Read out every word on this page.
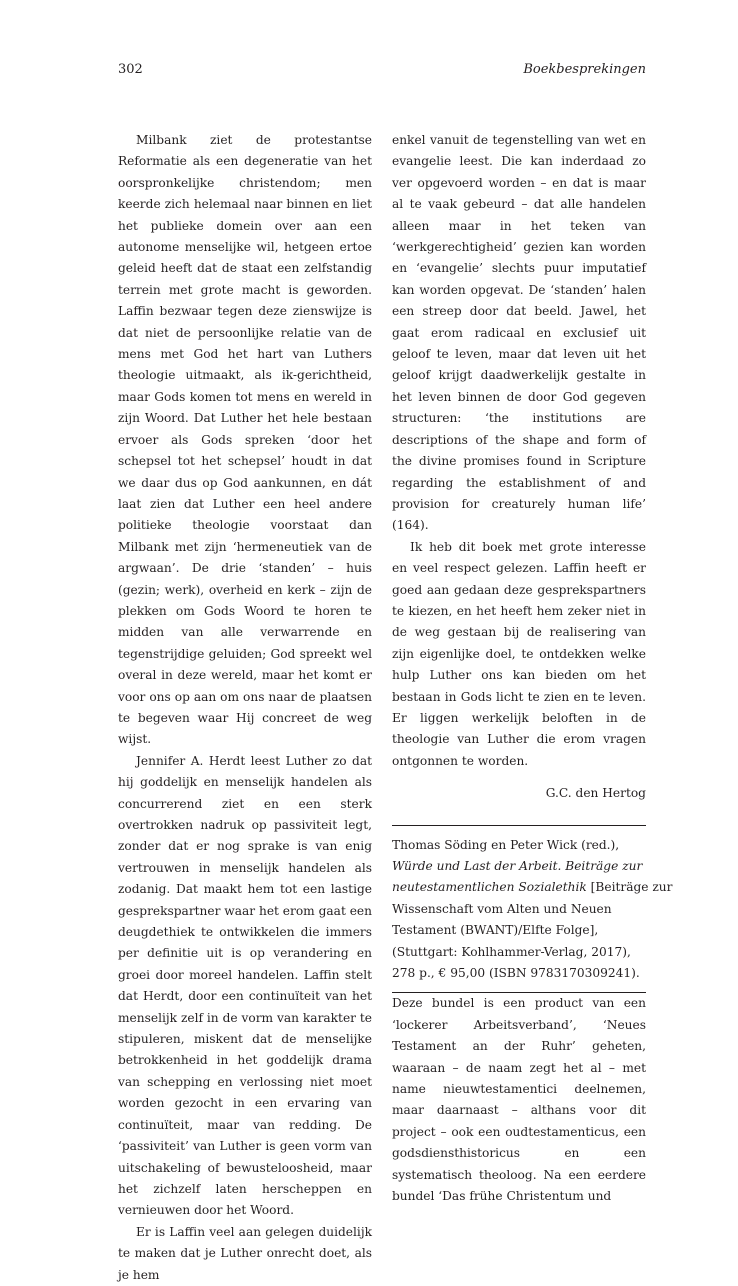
302	Boekbesprekingen

Milbank ziet de protestantse Reformatie als een degeneratie van het oorspronkelijke christendom; men keerde zich helemaal naar binnen en liet het publieke domein over aan een autonome menselijke wil, hetgeen ertoe geleid heeft dat de staat een zelfstandig terrein met grote macht is geworden. Laffin bezwaar tegen deze zienswijze is dat niet de persoonlijke relatie van de mens met God het hart van Luthers theologie uitmaakt, als ik-gerichtheid, maar Gods komen tot mens en wereld in zijn Woord. Dat Luther het hele bestaan ervoer als Gods spreken ‘door het schepsel tot het schepsel’ houdt in dat we daar dus op God aankunnen, en dát laat zien dat Luther een heel andere politieke theologie voorstaat dan Milbank met zijn ‘hermeneutiek van de argwaan’. De drie ‘standen’ – huis (gezin; werk), overheid en kerk – zijn de plekken om Gods Woord te horen te midden van alle verwarrende en tegenstrijdige geluiden; God spreekt wel overal in deze wereld, maar het komt er voor ons op aan om ons naar de plaatsen te begeven waar Hij concreet de weg wijst.

Jennifer A. Herdt leest Luther zo dat hij goddelijk en menselijk handelen als concurrerend ziet en een sterk overtrokken nadruk op passiviteit legt, zonder dat er nog sprake is van enig vertrouwen in menselijk handelen als zodanig. Dat maakt hem tot een lastige gesprekspartner waar het erom gaat een deugdethiek te ontwikkelen die immers per definitie uit is op verandering en groei door moreel handelen. Laffin stelt dat Herdt, door een continuïteit van het menselijk zelf in de vorm van karakter te stipuleren, miskent dat de menselijke betrokkenheid in het goddelijk drama van schepping en verlossing niet moet worden gezocht in een ervaring van continuïteit, maar van redding. De ‘passiviteit’ van Luther is geen vorm van uitschakeling of bewusteloosheid, maar het zichzelf laten herscheppen en vernieuwen door het Woord.

Er is Laffin veel aan gelegen duidelijk te maken dat je Luther onrecht doet, als je hem

enkel vanuit de tegenstelling van wet en evangelie leest. Die kan inderdaad zo ver opgevoerd worden – en dat is maar al te vaak gebeurd – dat alle handelen alleen maar in het teken van ‘werkgerechtigheid’ gezien kan worden en ‘evangelie’ slechts puur imputatief kan worden opgevat. De ‘standen’ halen een streep door dat beeld. Jawel, het gaat erom radicaal en exclusief uit geloof te leven, maar dat leven uit het geloof krijgt daadwerkelijk gestalte in het leven binnen de door God gegeven structuren: ‘the institutions are descriptions of the shape and form of the divine promises found in Scripture regarding the establishment of and provision for creaturely human life’ (164).

Ik heb dit boek met grote interesse en veel respect gelezen. Laffin heeft er goed aan gedaan deze gesprekspartners te kiezen, en het heeft hem zeker niet in de weg gestaan bij de realisering van zijn eigenlijke doel, te ontdekken welke hulp Luther ons kan bieden om het bestaan in Gods licht te zien en te leven. Er liggen werkelijk beloften in de theologie van Luther die erom vragen ontgonnen te worden.

G.C. den Hertog
Thomas Söding en Peter Wick (red.),
Würde und Last der Arbeit. Beiträge zur
neutestamentlichen Sozialethik [Beiträge zur
Wissenschaft vom Alten und Neuen
Testament (BWANT)/Elfte Folge],
(Stuttgart: Kohlhammer-Verlag, 2017),
278 p., € 95,00 (ISBN 9783170309241).

Deze bundel is een product van een ‘lockerer Arbeitsverband’, ‘Neues Testament an der Ruhr’ geheten, waaraan – de naam zegt het al – met name nieuwtestamentici deelnemen, maar daarnaast – althans voor dit project – ook een oudtestamenticus, een godsdiensthistoricus en een systematisch theoloog. Na een eerdere bundel ‘Das frühe Christentum und
